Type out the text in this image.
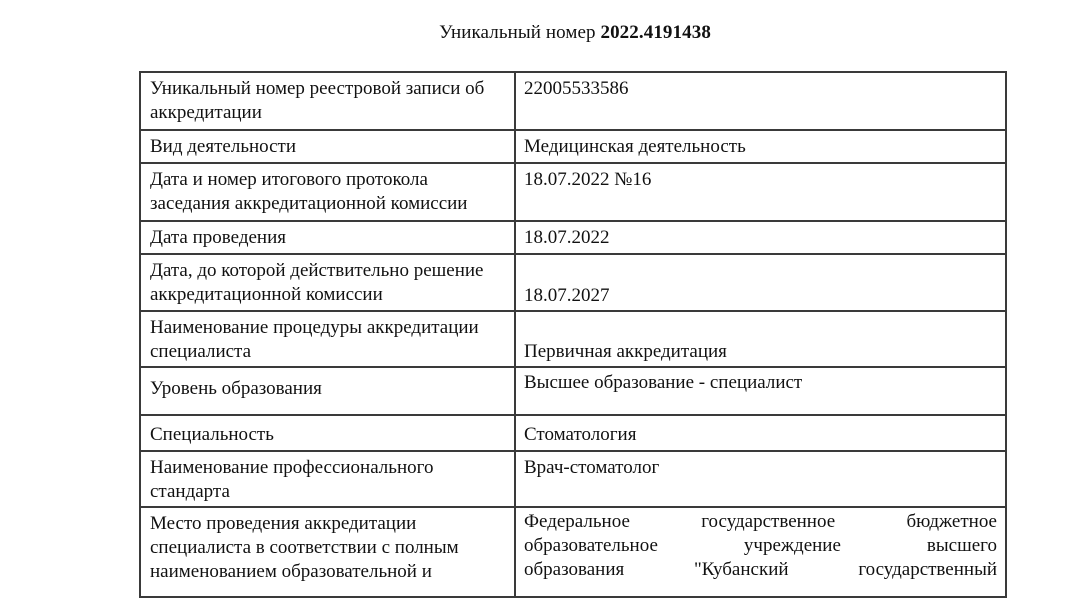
Уникальный номер 2022.4191438
Уникальный номер реестровой записи об аккредитации	22005533586
Вид деятельности	Медицинская деятельность
Дата и номер итогового протокола заседания аккредитационной комиссии	18.07.2022 №16
Дата проведения	18.07.2022
Дата, до которой действительно решение аккредитационной комиссии	18.07.2027
Наименование процедуры аккредитации специалиста	Первичная аккредитация
Уровень образования	Высшее образование - специалист
Специальность	Стоматология
Наименование профессионального стандарта	Врач-стоматолог
Место проведения аккредитации специалиста в соответствии с полным наименованием образовательной и	Федеральное государственное бюджетное
образовательное учреждение высшего
образования "Кубанский государственный
